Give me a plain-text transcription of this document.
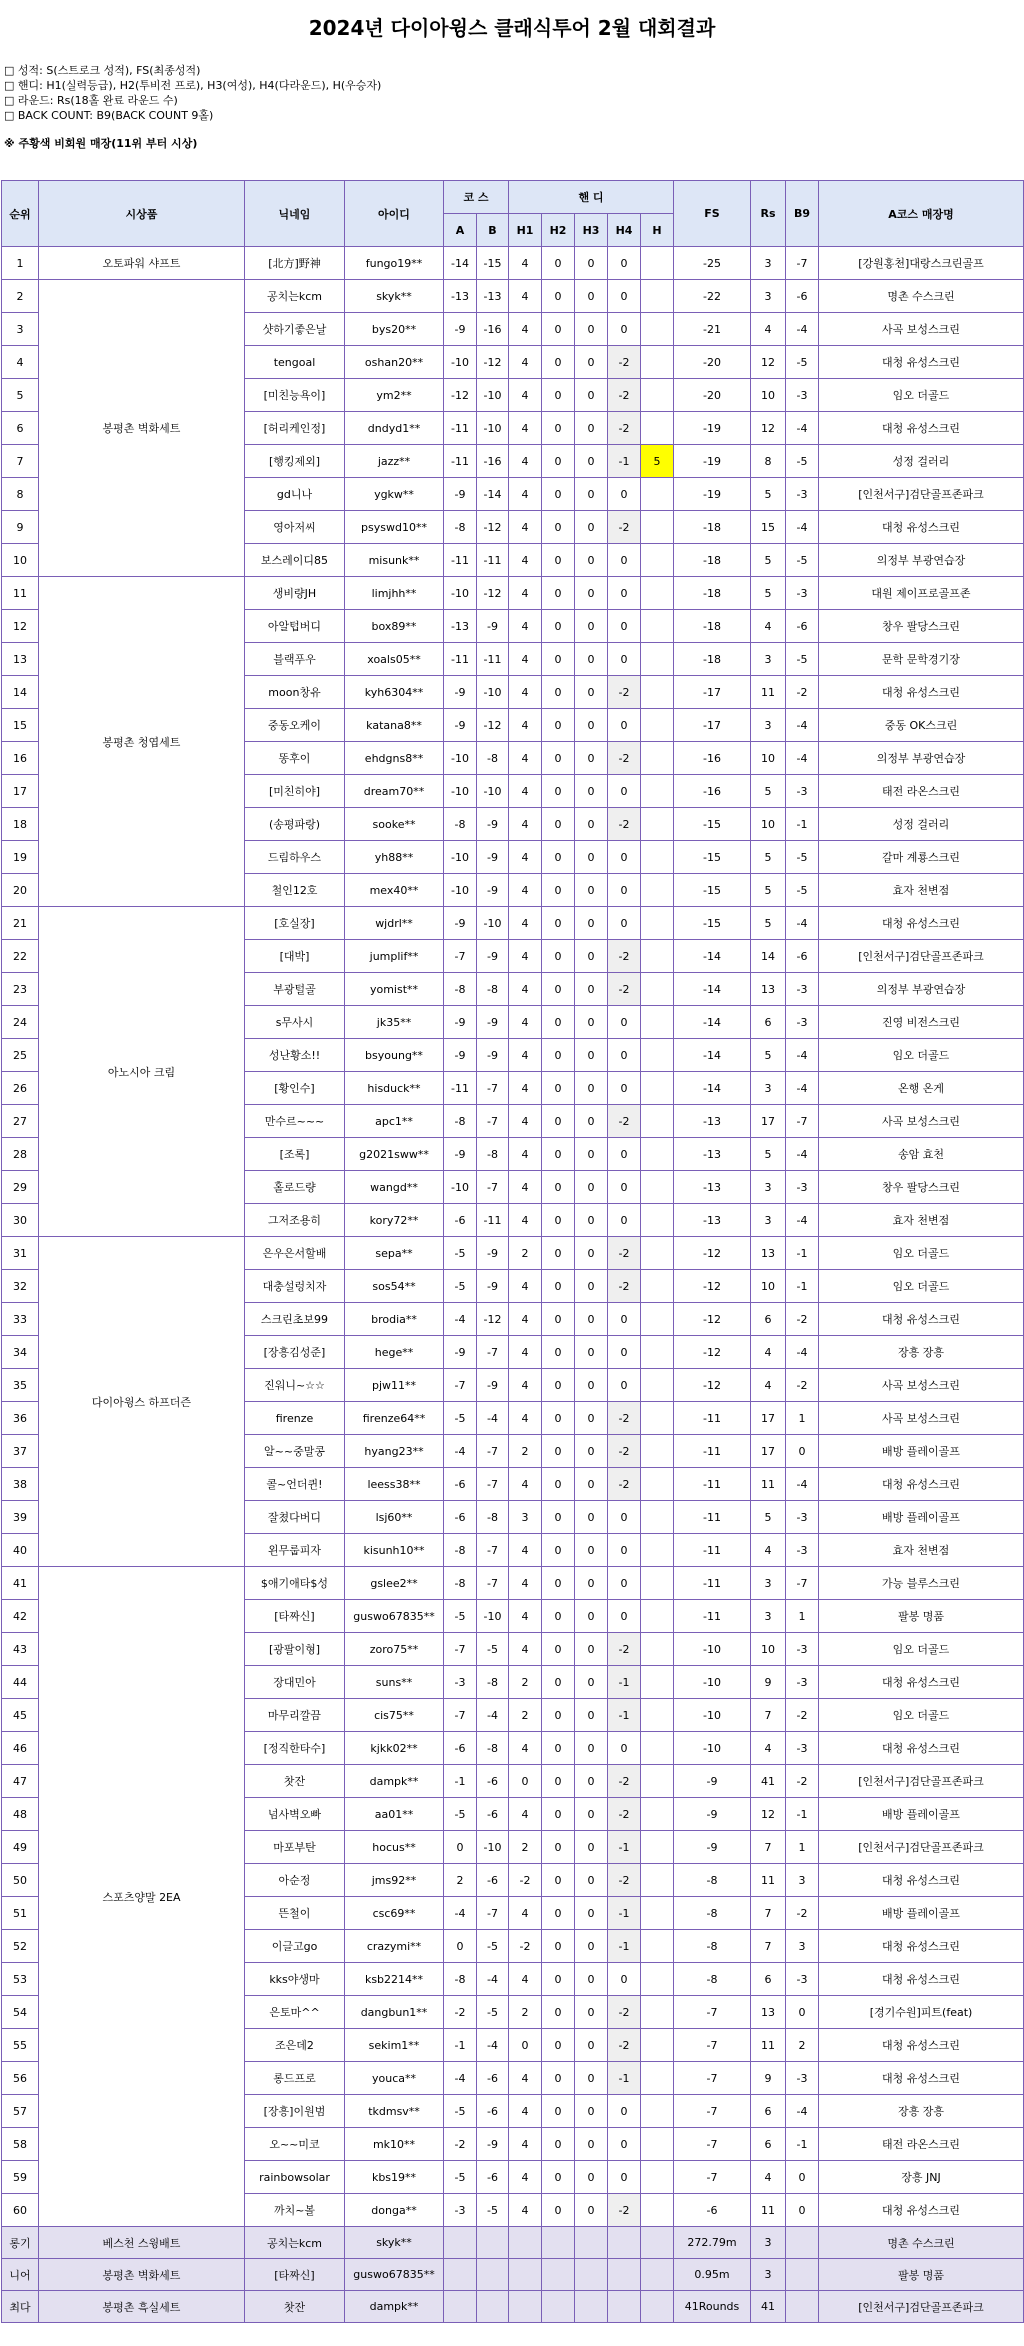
2024년 다이아윙스 클래식투어 2월 대회결과
□ 성적: S(스트로크 성적), FS(최종성적)
□ 핸디: H1(실력등급), H2(투비전 프로), H3(여성), H4(다라운드), H(우승자)
□ 라운드: Rs(18홀 완료 라운드 수)
□ BACK COUNT: B9(BACK COUNT 9홀)
※ 주황색 비회원 매장(11위 부터 시상)
순위	시상품	닉네임	아이디	코 스		핸 디					FS	Rs	B9	A코스 매장명
				A	B	H1	H2	H3	H4	H				
1	오토파워 샤프트	[北方]野神	fungo19**	-14	-15	4	0	0	0		-25	3	-7	[강원홍천]대랑스크린골프
2	봉평촌 벽화세트	공치는kcm	skyk**	-13	-13	4	0	0	0		-22	3	-6	명촌 수스크린
3		샷하기좋은날	bys20**	-9	-16	4	0	0	0		-21	4	-4	사곡 보성스크린
4		tengoal	oshan20**	-10	-12	4	0	0	-2		-20	12	-5	대청 유성스크린
5		[미친능욕이]	ym2**	-12	-10	4	0	0	-2		-20	10	-3	임오 더골드
6		[허리케인정]	dndyd1**	-11	-10	4	0	0	-2		-19	12	-4	대청 유성스크린
7		[행킹제외]	jazz**	-11	-16	4	0	0	-1	5	-19	8	-5	성정 걸러리
8		gd니나	ygkw**	-9	-14	4	0	0	0		-19	5	-3	[인천서구]검단골프존파크
9		영아저씨	psyswd10**	-8	-12	4	0	0	-2		-18	15	-4	대청 유성스크린
10		보스레이디85	misunk**	-11	-11	4	0	0	0		-18	5	-5	의정부 부광연습장
11	봉평촌 청엽세트	생비량JH	limjhh**	-10	-12	4	0	0	0		-18	5	-3	대원 제이프로골프존
12		아알텁버디	box89**	-13	-9	4	0	0	0		-18	4	-6	창우 팔당스크린
13		블랙푸우	xoals05**	-11	-11	4	0	0	0		-18	3	-5	문학 문학경기장
14		moon창유	kyh6304**	-9	-10	4	0	0	-2		-17	11	-2	대청 유성스크린
15		중동오케이	katana8**	-9	-12	4	0	0	0		-17	3	-4	중동 OK스크린
16		똥후이	ehdgns8**	-10	-8	4	0	0	-2		-16	10	-4	의정부 부광연습장
17		[미친히야]	dream70**	-10	-10	4	0	0	0		-16	5	-3	태전 라온스크린
18		(송평파랑)	sooke**	-8	-9	4	0	0	-2		-15	10	-1	성정 걸러리
19		드림하우스	yh88**	-10	-9	4	0	0	0		-15	5	-5	갈마 계룡스크린
20		철인12호	mex40**	-10	-9	4	0	0	0		-15	5	-5	효자 천변점
21	아노시아 크림	[호실장]	wjdrl**	-9	-10	4	0	0	0		-15	5	-4	대청 유성스크린
22		[대박]	jumplif**	-7	-9	4	0	0	-2		-14	14	-6	[인천서구]검단골프존파크
23		부광털골	yomist**	-8	-8	4	0	0	-2		-14	13	-3	의정부 부광연습장
24		s무사시	jk35**	-9	-9	4	0	0	0		-14	6	-3	진영 비전스크린
25		성난황소!!	bsyoung**	-9	-9	4	0	0	0		-14	5	-4	임오 더골드
26		[황인수]	hisduck**	-11	-7	4	0	0	0		-14	3	-4	온행 온게
27		만수르~~~	apc1**	-8	-7	4	0	0	-2		-13	17	-7	사곡 보성스크린
28		[조록]	g2021sww**	-9	-8	4	0	0	0		-13	5	-4	송암 효천
29		홀로드량	wangd**	-10	-7	4	0	0	0		-13	3	-3	창우 팔당스크린
30		그저조용히	kory72**	-6	-11	4	0	0	0		-13	3	-4	효자 천변점
31	다이아윙스 하프더즌	은우은서할배	sepa**	-5	-9	2	0	0	-2		-12	13	-1	임오 더골드
32		대충설렁치자	sos54**	-5	-9	4	0	0	-2		-12	10	-1	임오 더골드
33		스크린초보99	brodia**	-4	-12	4	0	0	0		-12	6	-2	대청 유성스크린
34		[장흥김성준]	hege**	-9	-7	4	0	0	0		-12	4	-4	장흥 장흥
35		진워니~☆☆	pjw11**	-7	-9	4	0	0	0		-12	4	-2	사곡 보성스크린
36		firenze	firenze64**	-5	-4	4	0	0	-2		-11	17	1	사곡 보성스크린
37		알~~중말콩	hyang23**	-4	-7	2	0	0	-2		-11	17	0	배방 플레이골프
38		콜~언더퀸!	leess38**	-6	-7	4	0	0	-2		-11	11	-4	대청 유성스크린
39		잘쳤다버디	lsj60**	-6	-8	3	0	0	0		-11	5	-3	배방 플레이골프
40		왼무룹피자	kisunh10**	-8	-7	4	0	0	0		-11	4	-3	효자 천변점
41	스포츠양말 2EA	$애기애타$성	gslee2**	-8	-7	4	0	0	0		-11	3	-7	가능 블루스크린
42		[타짜신]	guswo67835**	-5	-10	4	0	0	0		-11	3	1	팔봉 명품
43		[광팔이형]	zoro75**	-7	-5	4	0	0	-2		-10	10	-3	임오 더골드
44		장대민아	suns**	-3	-8	2	0	0	-1		-10	9	-3	대청 유성스크린
45		마무리깔끔	cis75**	-7	-4	2	0	0	-1		-10	7	-2	임오 더골드
46		[정직한타수]	kjkk02**	-6	-8	4	0	0	0		-10	4	-3	대청 유성스크린
47		찻잔	dampk**	-1	-6	0	0	0	-2		-9	41	-2	[인천서구]검단골프존파크
48		넘사벽오빠	aa01**	-5	-6	4	0	0	-2		-9	12	-1	배방 플레이골프
49		마포부탄	hocus**	0	-10	2	0	0	-1		-9	7	1	[인천서구]검단골프존파크
50		아순정	jms92**	2	-6	-2	0	0	-2		-8	11	3	대청 유성스크린
51		뜬철이	csc69**	-4	-7	4	0	0	-1		-8	7	-2	배방 플레이골프
52		이글고go	crazymi**	0	-5	-2	0	0	-1		-8	7	3	대청 유성스크린
53		kks야생마	ksb2214**	-8	-4	4	0	0	0		-8	6	-3	대청 유성스크린
54		은토마^^	dangbun1**	-2	-5	2	0	0	-2		-7	13	0	[경기수원]피트(feat)
55		조은데2	sekim1**	-1	-4	0	0	0	-2		-7	11	2	대청 유성스크린
56		롱드프로	youca**	-4	-6	4	0	0	-1		-7	9	-3	대청 유성스크린
57		[장흥]이원범	tkdmsv**	-5	-6	4	0	0	0		-7	6	-4	장흥 장흥
58		오~~미코	mk10**	-2	-9	4	0	0	0		-7	6	-1	태전 라온스크린
59		rainbowsolar	kbs19**	-5	-6	4	0	0	0		-7	4	0	장흥 JNJ
60		까치~볼	donga**	-3	-5	4	0	0	-2		-6	11	0	대청 유성스크린
롱기	베스천 스윙배트	공치는kcm	skyk**								272.79m	3		명촌 수스크린
니어	봉평촌 벽화세트	[타짜신]	guswo67835**								0.95m	3		팔봉 명품
최다	봉평촌 흑실세트	찻잔	dampk**								41Rounds	41		[인천서구]검단골프존파크
